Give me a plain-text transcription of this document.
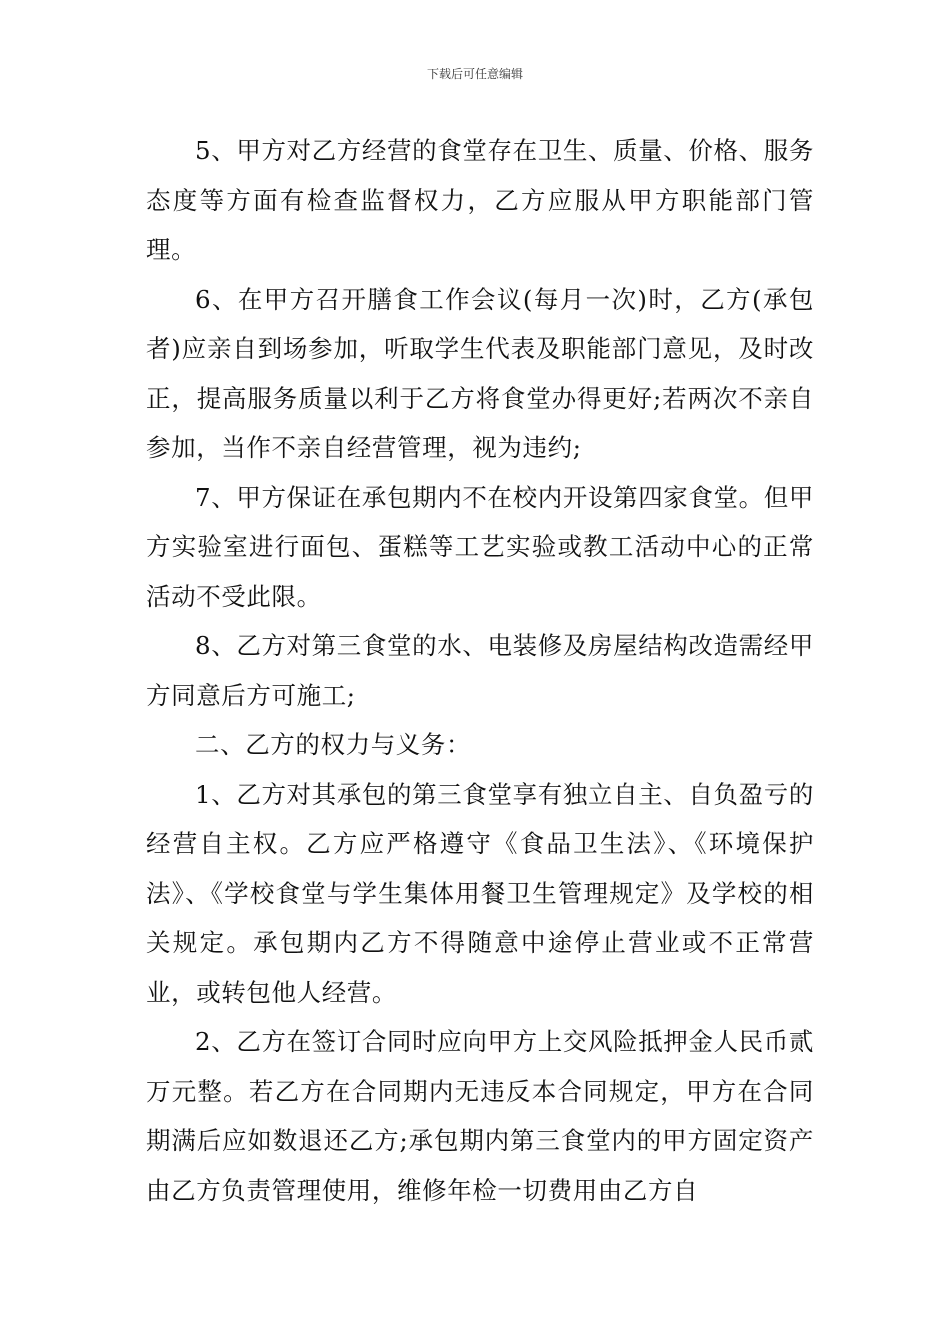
下载后可任意编辑

5、甲方对乙方经营的食堂存在卫生、质量、价格、服务态度等方面有检查监督权力，乙方应服从甲方职能部门管理。

6、在甲方召开膳食工作会议(每月一次)时，乙方(承包者)应亲自到场参加，听取学生代表及职能部门意见，及时改正，提高服务质量以利于乙方将食堂办得更好;若两次不亲自参加，当作不亲自经营管理，视为违约;

7、甲方保证在承包期内不在校内开设第四家食堂。但甲方实验室进行面包、蛋糕等工艺实验或教工活动中心的正常活动不受此限。

8、乙方对第三食堂的水、电装修及房屋结构改造需经甲方同意后方可施工;

二、乙方的权力与义务：

1、乙方对其承包的第三食堂享有独立自主、自负盈亏的经营自主权。乙方应严格遵守《食品卫生法》、《环境保护法》、《学校食堂与学生集体用餐卫生管理规定》及学校的相关规定。承包期内乙方不得随意中途停止营业或不正常营业，或转包他人经营。

2、乙方在签订合同时应向甲方上交风险抵押金人民币贰万元整。若乙方在合同期内无违反本合同规定，甲方在合同期满后应如数退还乙方;承包期内第三食堂内的甲方固定资产由乙方负责管理使用，维修年检一切费用由乙方自
